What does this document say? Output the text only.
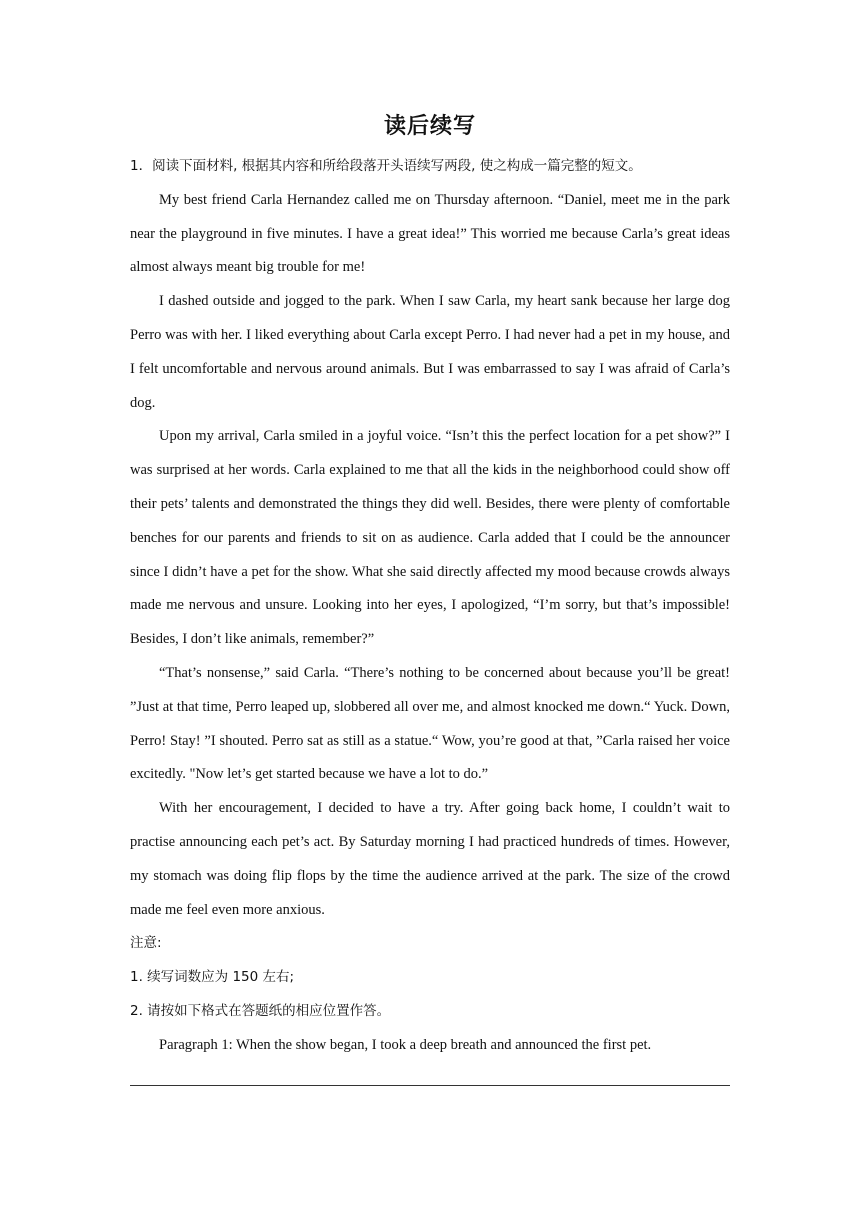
读后续写

1．阅读下面材料, 根据其内容和所给段落开头语续写两段, 使之构成一篇完整的短文。

My best friend Carla Hernandez called me on Thursday afternoon. “Daniel, meet me in the park near the playground in five minutes. I have a great idea!” This worried me because Carla’s great ideas almost always meant big trouble for me!

I dashed outside and jogged to the park. When I saw Carla, my heart sank because her large dog Perro was with her. I liked everything about Carla except Perro. I had never had a pet in my house, and I felt uncomfortable and nervous around animals. But I was embarrassed to say I was afraid of Carla’s dog.

Upon my arrival, Carla smiled in a joyful voice. “Isn’t this the perfect location for a pet show?” I was surprised at her words. Carla explained to me that all the kids in the neighborhood could show off their pets’ talents and demonstrated the things they did well. Besides, there were plenty of comfortable benches for our parents and friends to sit on as audience. Carla added that I could be the announcer since I didn’t have a pet for the show. What she said directly affected my mood because crowds always made me nervous and unsure. Looking into her eyes, I apologized, “I’m sorry, but that’s impossible! Besides, I don’t like animals, remember?”

“That’s nonsense,” said Carla. “There’s nothing to be concerned about because you’ll be great! ”Just at that time, Perro leaped up, slobbered all over me, and almost knocked me down.“ Yuck. Down, Perro! Stay! ”I shouted. Perro sat as still as a statue.“ Wow, you’re good at that, ”Carla raised her voice excitedly. "Now let’s get started because we have a lot to do.”

With her encouragement, I decided to have a try. After going back home, I couldn’t wait to practise announcing each pet’s act. By Saturday morning I had practiced hundreds of times. However, my stomach was doing flip flops by the time the audience arrived at the park. The size of the crowd made me feel even more anxious.

注意:

1. 续写词数应为 150 左右;

2. 请按如下格式在答题纸的相应位置作答。

Paragraph 1: When the show began, I took a deep breath and announced the first pet.
